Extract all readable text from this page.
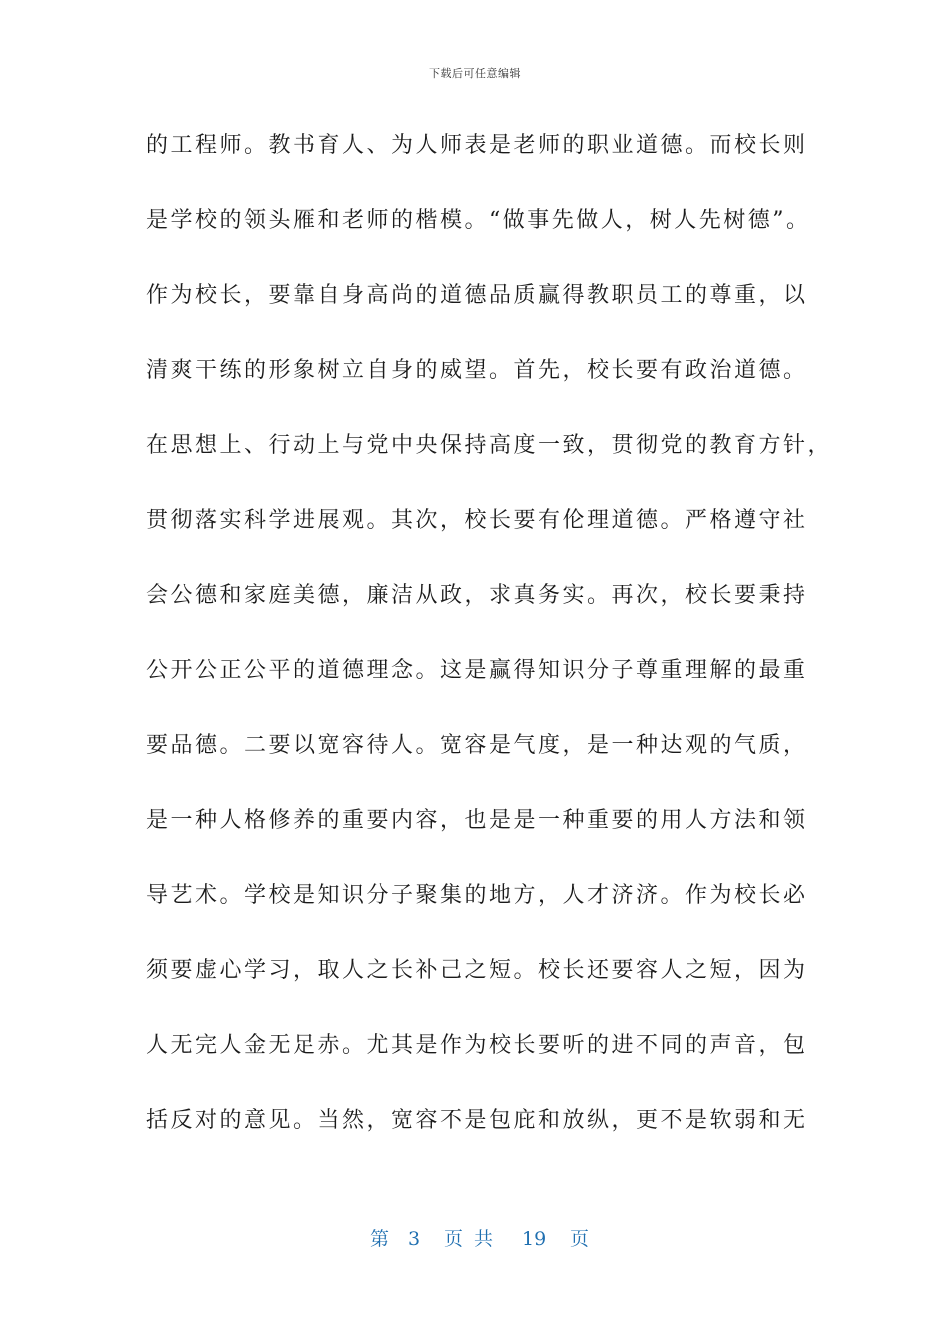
下载后可任意编辑
的工程师。教书育人、为人师表是老师的职业道德。而校长则
是学校的领头雁和老师的楷模。“做事先做人，树人先树德”。
作为校长，要靠自身高尚的道德品质赢得教职员工的尊重，以
清爽干练的形象树立自身的威望。首先，校长要有政治道德。
在思想上、行动上与党中央保持高度一致，贯彻党的教育方针，
贯彻落实科学进展观。其次，校长要有伦理道德。严格遵守社
会公德和家庭美德，廉洁从政，求真务实。再次，校长要秉持
公开公正公平的道德理念。这是赢得知识分子尊重理解的最重
要品德。二要以宽容待人。宽容是气度，是一种达观的气质，
是一种人格修养的重要内容，也是是一种重要的用人方法和领
导艺术。学校是知识分子聚集的地方，人才济济。作为校长必
须要虚心学习，取人之长补己之短。校长还要容人之短，因为
人无完人金无足赤。尤其是作为校长要听的进不同的声音，包
括反对的意见。当然，宽容不是包庇和放纵，更不是软弱和无
第 3 页 共 19 页
